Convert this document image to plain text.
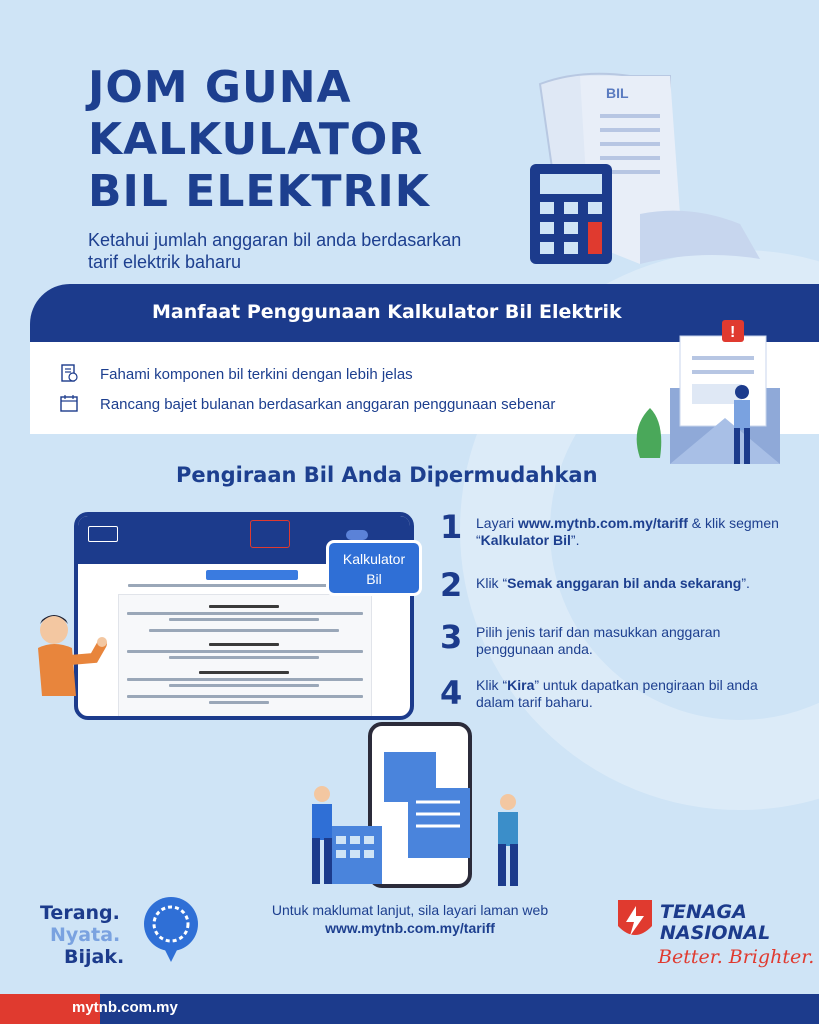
JOM GUNA
KALKULATOR
BIL ELEKTRIK
Ketahui jumlah anggaran bil anda berdasarkan
tarif elektrik baharu
BIL
Manfaat Penggunaan Kalkulator Bil Elektrik
Fahami komponen bil terkini dengan lebih jelas
Rancang bajet bulanan berdasarkan anggaran penggunaan sebenar
!
Pengiraan Bil Anda Dipermudahkan
Kalkulator
Bil
1 Layari www.mytnb.com.my/tariff & klik segmen “Kalkulator Bil”.
2 Klik “Semak anggaran bil anda sekarang”.
3 Pilih jenis tarif dan masukkan anggaran penggunaan anda.
4 Klik “Kira” untuk dapatkan pengiraan bil anda dalam tarif baharu.
Terang.
Nyata.
Bijak.
Untuk maklumat lanjut, sila layari laman web
www.mytnb.com.my/tariff
TENAGA
NASIONAL
Better. Brighter.
mytnb.com.my
